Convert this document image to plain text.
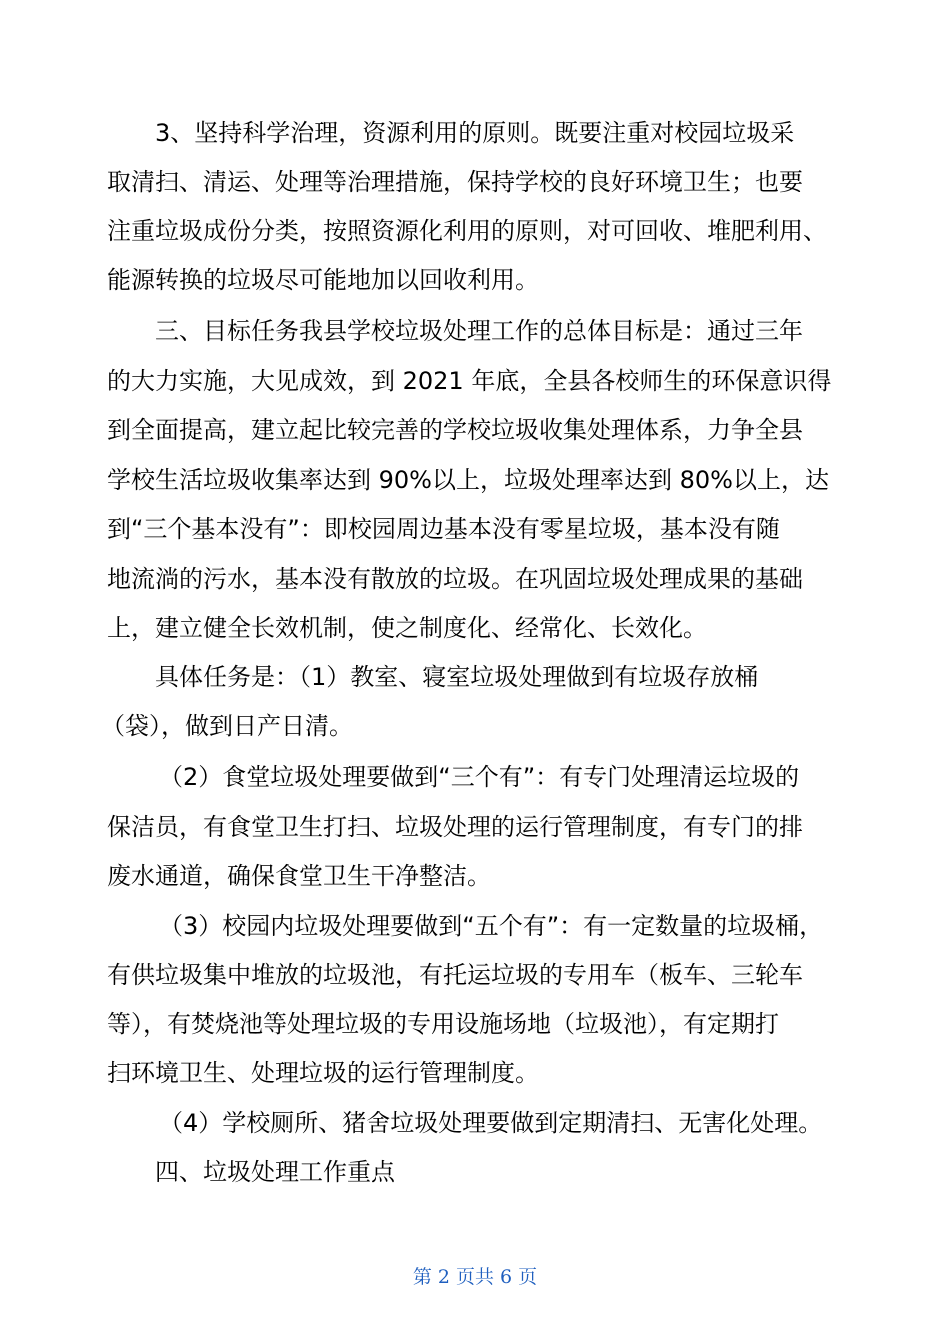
3、坚持科学治理，资源利用的原则。既要注重对校园垃圾采
取清扫、清运、处理等治理措施，保持学校的良好环境卫生；也要
注重垃圾成份分类，按照资源化利用的原则，对可回收、堆肥利用、
能源转换的垃圾尽可能地加以回收利用。
三、目标任务我县学校垃圾处理工作的总体目标是：通过三年
的大力实施，大见成效，到 2021 年底，全县各校师生的环保意识得
到全面提高，建立起比较完善的学校垃圾收集处理体系，力争全县
学校生活垃圾收集率达到 90%以上，垃圾处理率达到 80%以上，达
到“三个基本没有”：即校园周边基本没有零星垃圾，基本没有随
地流淌的污水，基本没有散放的垃圾。在巩固垃圾处理成果的基础
上，建立健全长效机制，使之制度化、经常化、长效化。
具体任务是：（1）教室、寝室垃圾处理做到有垃圾存放桶
（袋），做到日产日清。
（2）食堂垃圾处理要做到“三个有”：有专门处理清运垃圾的
保洁员，有食堂卫生打扫、垃圾处理的运行管理制度，有专门的排
废水通道，确保食堂卫生干净整洁。
（3）校园内垃圾处理要做到“五个有”：有一定数量的垃圾桶，
有供垃圾集中堆放的垃圾池，有托运垃圾的专用车（板车、三轮车
等），有焚烧池等处理垃圾的专用设施场地（垃圾池），有定期打
扫环境卫生、处理垃圾的运行管理制度。
（4）学校厕所、猪舍垃圾处理要做到定期清扫、无害化处理。
四、垃圾处理工作重点
第 2 页共 6 页
